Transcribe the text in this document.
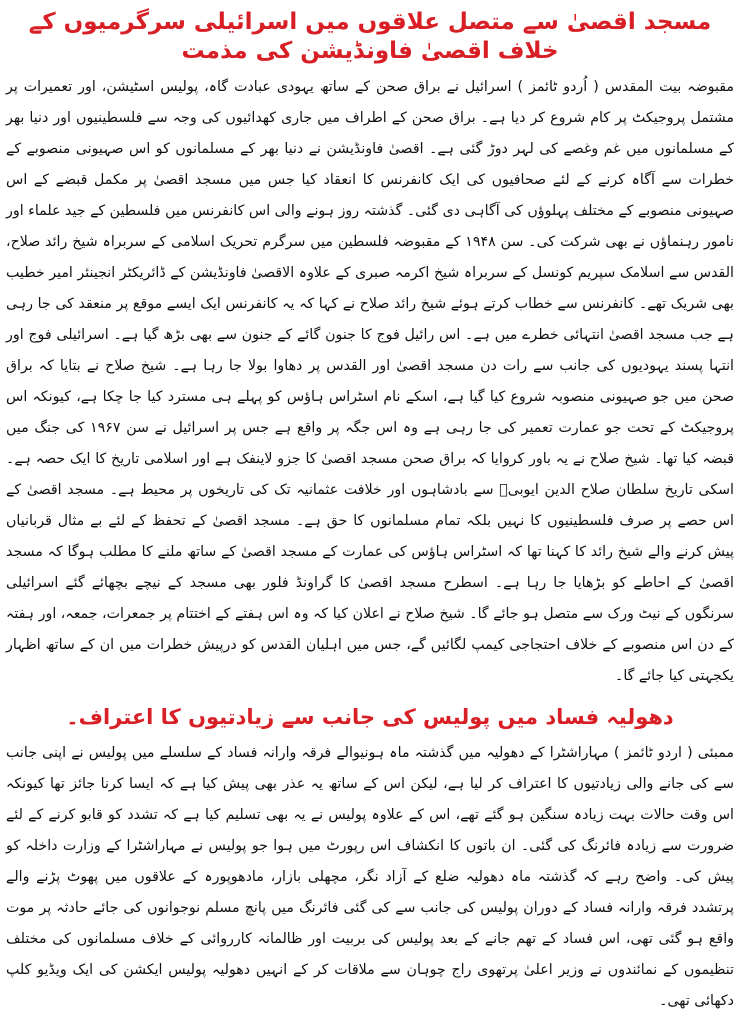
مسجد اقصیٰ سے متصل علاقوں میں اسرائیلی سرگرمیوں کے خلاف اقصیٰ فاونڈیشن کی مذمت

مقبوضہ بیت المقدس ( اُردو ٹائمز ) اسرائیل نے براق صحن کے ساتھ یہودی عبادت گاہ، پولیس اسٹیشن، اور تعمیرات پر مشتمل پروجیکٹ پر کام شروع کر دیا ہے۔ براق صحن کے اطراف میں جاری کھدائیوں کی وجہ سے فلسطینیوں اور دنیا بھر کے مسلمانوں میں غم وغصے کی لہر دوڑ گئی ہے۔ اقصیٰ فاونڈیشن نے دنیا بھر کے مسلمانوں کو اس صہیونی منصوبے کے خطرات سے آگاہ کرنے کے لئے صحافیوں کی ایک کانفرنس کا انعقاد کیا جس میں مسجد اقصیٰ پر مکمل قبضے کے اس صہیونی منصوبے کے مختلف پہلوؤں کی آگاہی دی گئی۔ گذشتہ روز ہونے والی اس کانفرنس میں فلسطین کے جید علماء اور نامور رہنماؤں نے بھی شرکت کی۔ سن ۱۹۴۸ کے مقبوضہ فلسطین میں سرگرم تحریک اسلامی کے سربراہ شیخ رائد صلاح، القدس سے اسلامک سپریم کونسل کے سربراہ شیخ اکرمہ صبری کے علاوہ الاقصیٰ فاونڈیشن کے ڈائریکٹر انجینئر امیر خطیب بھی شریک تھے۔ کانفرنس سے خطاب کرتے ہوئے شیخ رائد صلاح نے کہا کہ یہ کانفرنس ایک ایسے موقع پر منعقد کی جا رہی ہے جب مسجد اقصیٰ انتہائی خطرے میں ہے۔ اس رائیل فوج کا جنون گائے کے جنون سے بھی بڑھ گیا ہے۔ اسرائیلی فوج اور انتہا پسند یہودیوں کی جانب سے رات دن مسجد اقصیٰ اور القدس پر دھاوا بولا جا رہا ہے۔ شیخ صلاح نے بتایا کہ براق صحن میں جو صہیونی منصوبہ شروع کیا گیا ہے، اسکے نام اسٹراس ہاؤس کو پہلے ہی مسترد کیا جا چکا ہے، کیونکہ اس پروجیکٹ کے تحت جو عمارت تعمیر کی جا رہی ہے وہ اس جگہ پر واقع ہے جس پر اسرائیل نے سن ۱۹۶۷ کی جنگ میں قبضہ کیا تھا۔ شیخ صلاح نے یہ باور کروایا کہ براق صحن مسجد اقصیٰ کا جزو لاینفک ہے اور اسلامی تاریخ کا ایک حصہ ہے۔ اسکی تاریخ سلطان صلاح الدین ایوبیؒ سے بادشاہوں اور خلافت عثمانیہ تک کی تاریخوں پر محیط ہے۔ مسجد اقصیٰ کے اس حصے پر صرف فلسطینیوں کا نہیں بلکہ تمام مسلمانوں کا حق ہے۔ مسجد اقصیٰ کے تحفظ کے لئے بے مثال قربانیاں پیش کرنے والے شیخ رائد کا کہنا تھا کہ اسٹراس ہاؤس کی عمارت کے مسجد اقصیٰ کے ساتھ ملنے کا مطلب ہوگا کہ مسجد اقصیٰ کے احاطے کو بڑھایا جا رہا ہے۔ اسطرح مسجد اقصیٰ کا گراونڈ فلور بھی مسجد کے نیچے بچھائے گئے اسرائیلی سرنگوں کے نیٹ ورک سے متصل ہو جائے گا۔ شیخ صلاح نے اعلان کیا کہ وہ اس ہفتے کے اختتام پر جمعرات، جمعہ، اور ہفتہ کے دن اس منصوبے کے خلاف احتجاجی کیمپ لگائیں گے، جس میں اہلیان القدس کو درپیش خطرات میں ان کے ساتھ اظہار یکجہتی کیا جائے گا۔

دھولیہ فساد میں پولیس کی جانب سے زیادتیوں کا اعتراف۔

ممبئی ( اردو ٹائمز ) مہاراشٹرا کے دھولیہ میں گذشتہ ماہ ہونیوالے فرقہ وارانہ فساد کے سلسلے میں پولیس نے اپنی جانب سے کی جانے والی زیادتیوں کا اعتراف کر لیا ہے، لیکن اس کے ساتھ یہ عذر بھی پیش کیا ہے کہ ایسا کرنا جائز تھا کیونکہ اس وقت حالات بہت زیادہ سنگین ہو گئے تھے، اس کے علاوہ پولیس نے یہ بھی تسلیم کیا ہے کہ تشدد کو قابو کرنے کے لئے ضرورت سے زیادہ فائرنگ کی گئی۔ ان باتوں کا انکشاف اس رپورٹ میں ہوا جو پولیس نے مہاراشٹرا کے وزارت داخلہ کو پیش کی۔ واضح رہے کہ گذشتہ ماہ دھولیہ ضلع کے آزاد نگر، مچھلی بازار، مادھوپورہ کے علاقوں میں پھوٹ پڑنے والے پرتشدد فرقہ وارانہ فساد کے دوران پولیس کی جانب سے کی گئی فائرنگ میں پانچ مسلم نوجوانوں کی جائے حادثہ پر موت واقع ہو گئی تھی، اس فساد کے تھم جانے کے بعد پولیس کی بربیت اور ظالمانہ کارروائی کے خلاف مسلمانوں کی مختلف تنظیموں کے نمائندوں نے وزیر اعلیٰ پرتھوی راج چوہان سے ملاقات کر کے انہیں دھولیہ پولیس ایکشن کی ایک ویڈیو کلپ دکھائی تھی۔
